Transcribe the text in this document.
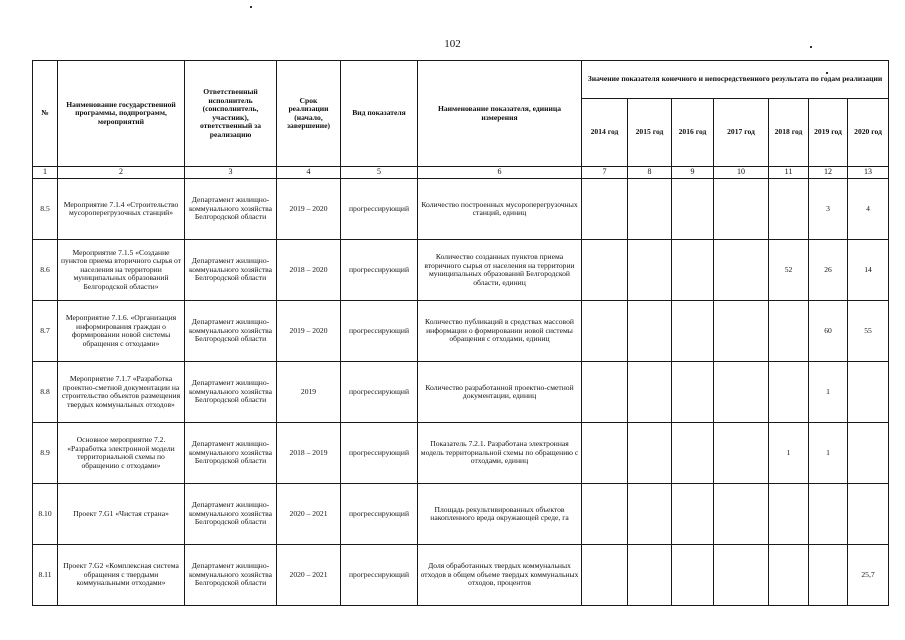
102
№	Наименование государственной программы, подпрограмм, мероприятий	Ответственный исполнитель (соисполнитель, участник), ответственный за реализацию	Срок реализации (начало, завершение)	Вид показателя	Наименование показателя, единица измерения	Значение показателя конечного и непосредственного результата по годам реализации						
						2014 год	2015 год	2016 год	2017 год	2018 год	2019 год	2020 год
1	2	3	4	5	6	7	8	9	10	11	12	13
8.5	Мероприятие 7.1.4 «Строительство мусороперегрузочных станций»	Департамент жилищно-коммунального хозяйства Белгородской области	2019 – 2020	прогрессирующий	Количество построенных мусороперегрузочных станций, единиц						3	4
8.6	Мероприятие 7.1.5 «Создание пунктов приема вторичного сырья от населения на территории муниципальных образований Белгородской области»	Департамент жилищно-коммунального хозяйства Белгородской области	2018 – 2020	прогрессирующий	Количество созданных пунктов приема вторичного сырья от населения на территории муниципальных образований Белгородской области, единиц					52	26	14
8.7	Мероприятие 7.1.6. «Организация информирования граждан о формировании новой системы обращения с отходами»	Департамент жилищно-коммунального хозяйства Белгородской области	2019 – 2020	прогрессирующий	Количество публикаций в средствах массовой информации о формировании новой системы обращения с отходами, единиц						60	55
8.8	Мероприятие 7.1.7 «Разработка проектно-сметной документации на строительство объектов размещения твердых коммунальных отходов»	Департамент жилищно-коммунального хозяйства Белгородской области	2019	прогрессирующий	Количество разработанной проектно-сметной документации, единиц						1	
8.9	Основное мероприятие 7.2. «Разработка электронной модели территориальной схемы по обращению с отходами»	Департамент жилищно-коммунального хозяйства Белгородской области	2018 – 2019	прогрессирующий	Показатель 7.2.1. Разработана электронная модель территориальной схемы по обращению с отходами, единиц					1	1	
8.10	Проект 7.G1 «Чистая страна»	Департамент жилищно-коммунального хозяйства Белгородской области	2020 – 2021	прогрессирующий	Площадь рекультивированных объектов накопленного вреда окружающей среде, га							
8.11	Проект 7.G2 «Комплексная система обращения с твердыми коммунальными отходами»	Департамент жилищно-коммунального хозяйства Белгородской области	2020 – 2021	прогрессирующий	Доля обработанных твердых коммунальных отходов в общем объеме твердых коммунальных отходов, процентов							25,7
